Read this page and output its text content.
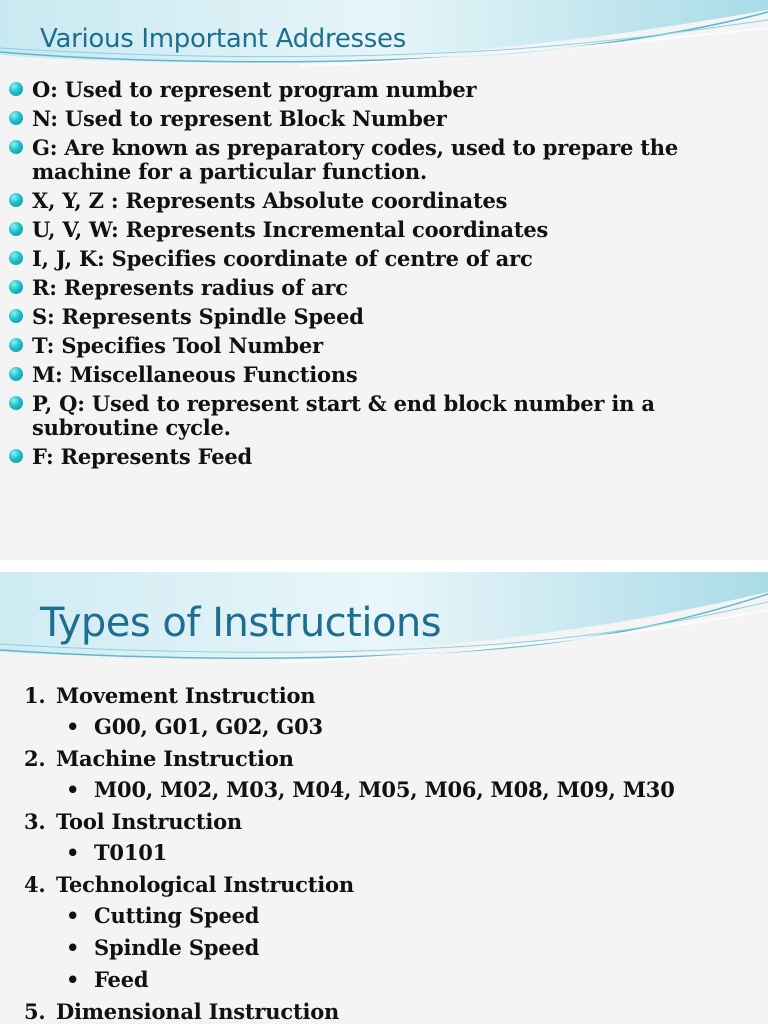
Various Important Addresses
O: Used to represent program number
N: Used to represent Block Number
G: Are known as preparatory codes, used to prepare the machine for a particular function.
X, Y, Z : Represents Absolute coordinates
U, V, W: Represents Incremental coordinates
I, J, K: Specifies coordinate of centre of arc
R: Represents radius of arc
S: Represents Spindle Speed
T: Specifies Tool Number
M: Miscellaneous Functions
P, Q: Used to represent start & end block number in a subroutine cycle.
F: Represents Feed
Types of Instructions
1. Movement Instruction
• G00, G01, G02, G03
2. Machine Instruction
• M00, M02, M03, M04, M05, M06, M08, M09, M30
3. Tool Instruction
• T0101
4. Technological Instruction
• Cutting Speed
• Spindle Speed
• Feed
5. Dimensional Instruction
